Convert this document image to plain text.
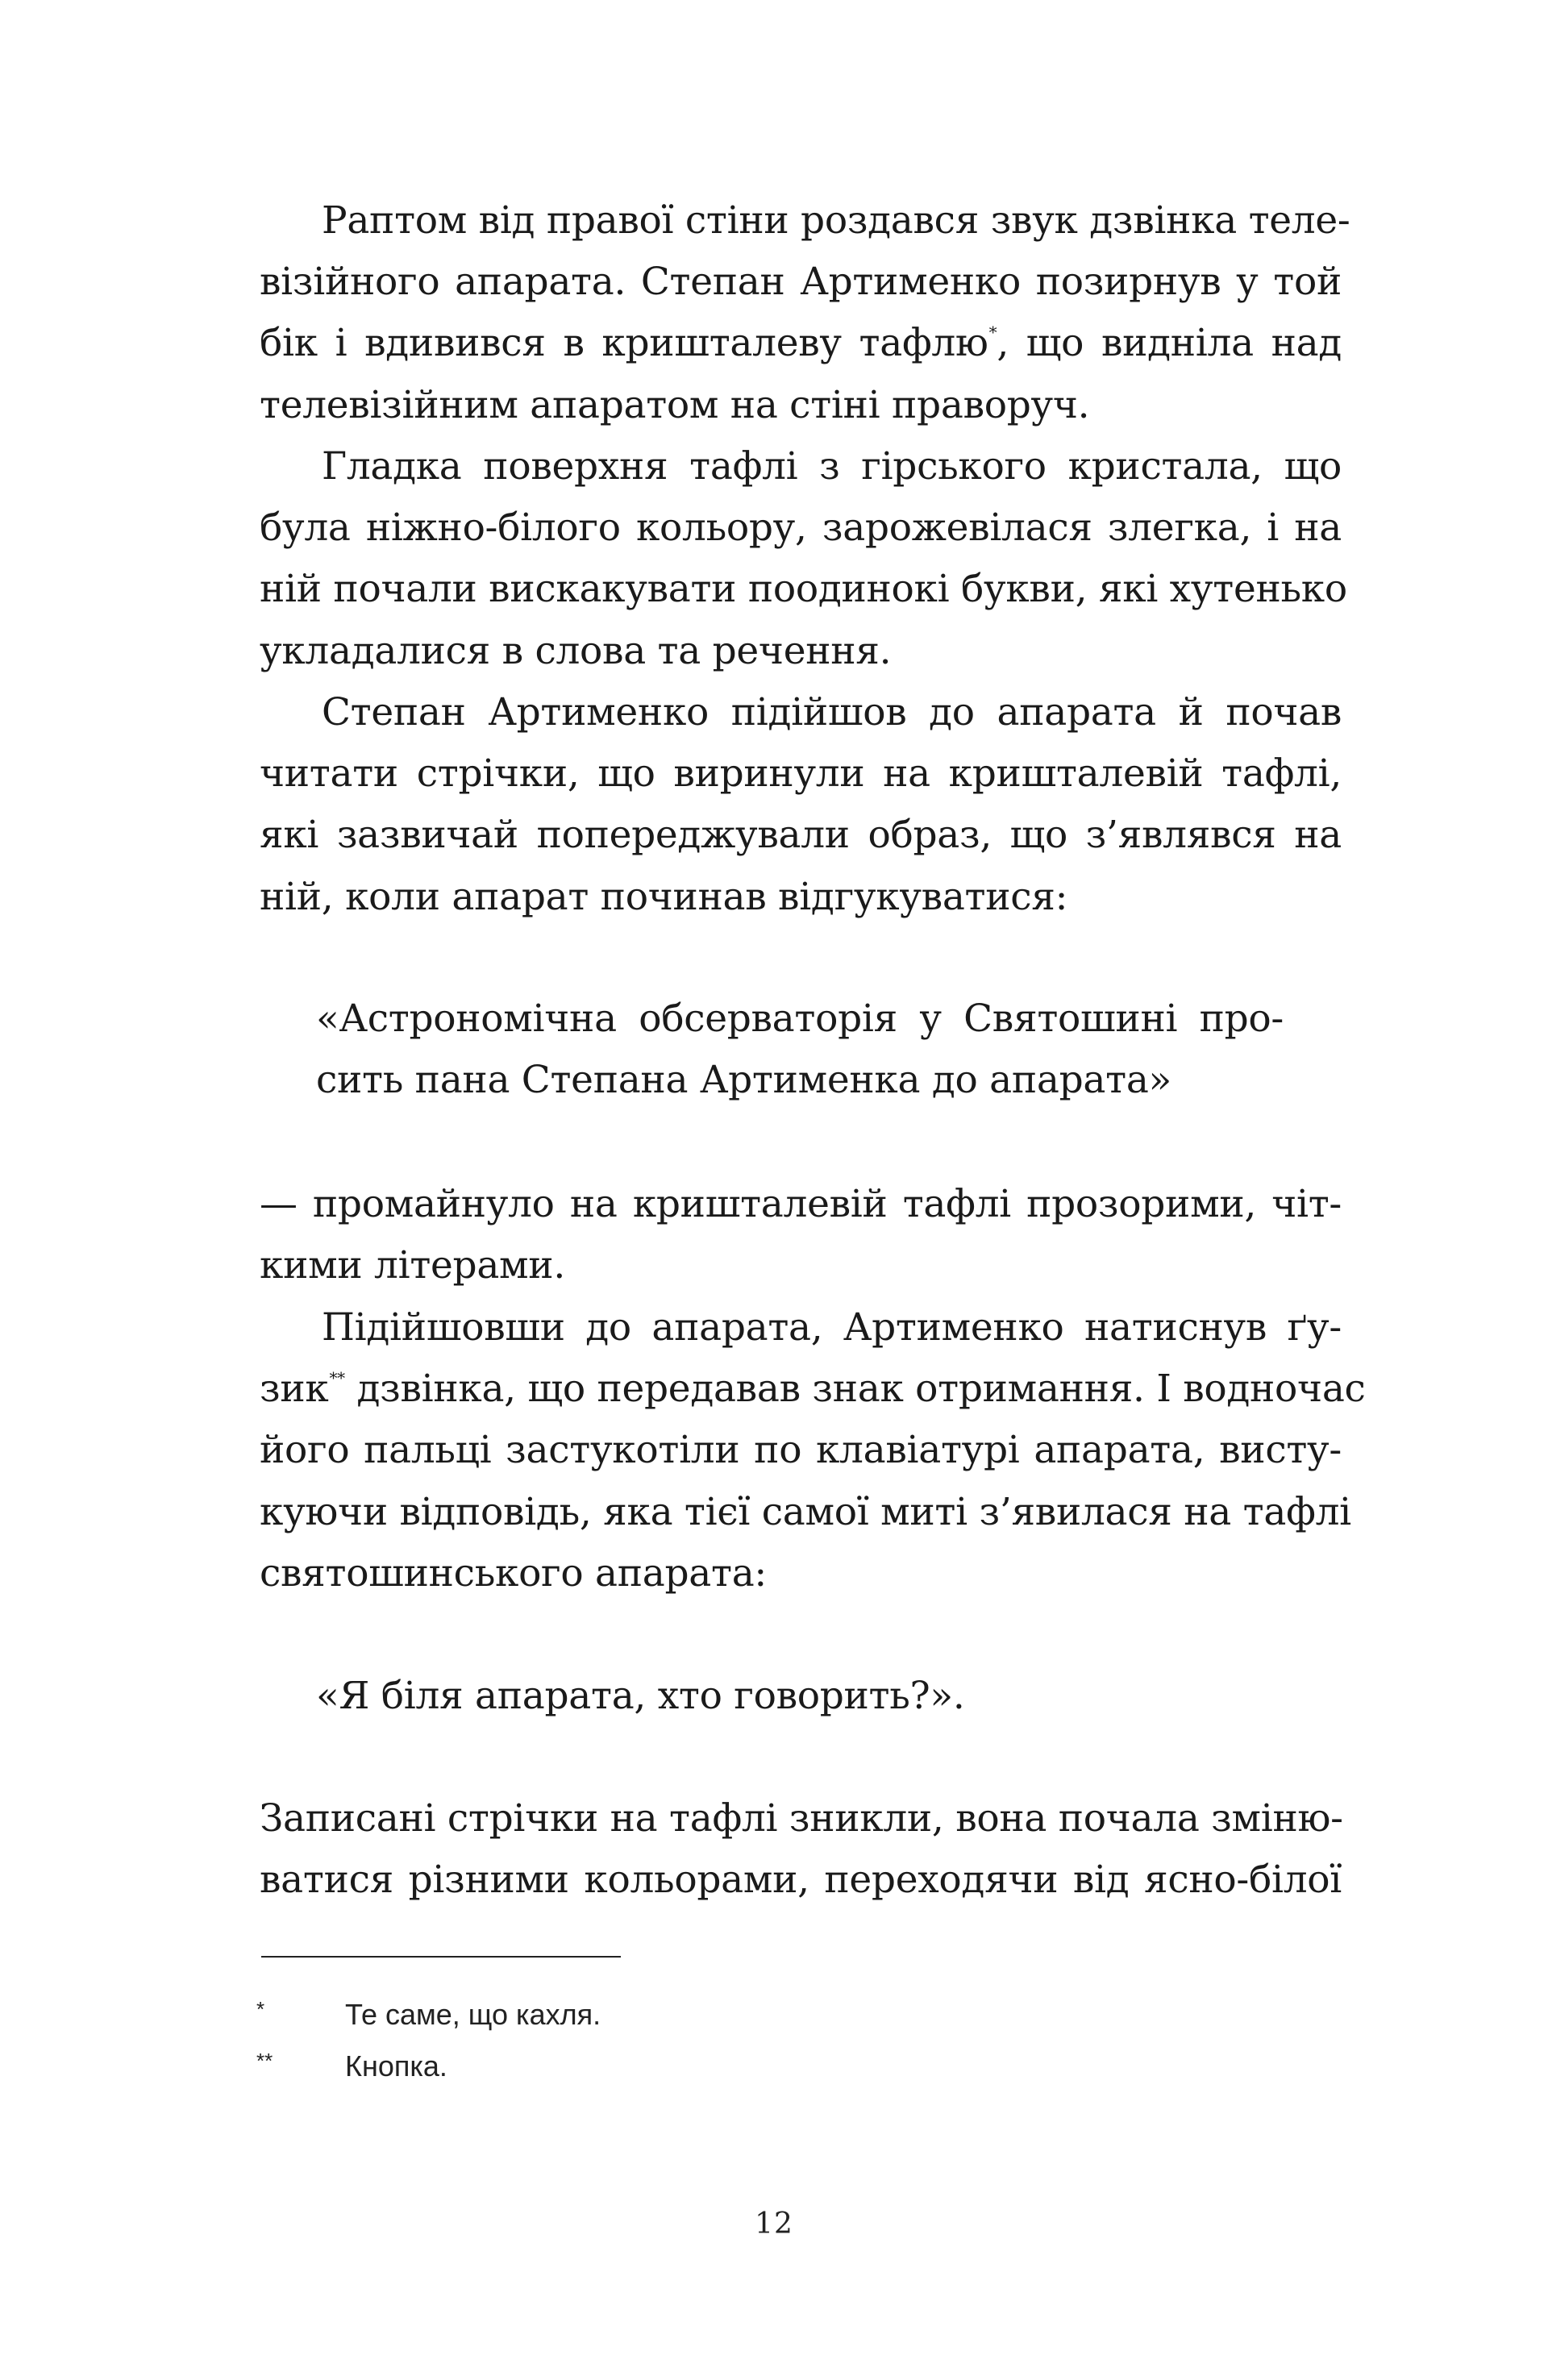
Раптом від правої стіни роздався звук дзвінка теле-
візійного апарата. Степан Артименко позирнув у той
бік і вдивився в кришталеву тафлю*, що виднiла над
телевізійним апаратом на стіні праворуч.
Гладка поверхня тафлі з гірського кристала, що
була ніжно-білого кольору, зарожевілася злегка, і на
ній почали вискакувати поодинокі букви, які хутенько
укладалися в слова та речення.
Степан Артименко підійшов до апарата й почав
читати стрічки, що виринули на кришталевій тафлі,
які зазвичай попереджували образ, що з’являвся на
ній, коли апарат починав відгукуватися:
«Астрономічна обсерваторія у Святошині про-
сить пана Степана Артименка до апарата»
— промайнуло на кришталевій тафлі прозорими, чіт-
кими літерами.
Підійшовши до апарата, Артименко натиснув ґу-
зик** дзвінка, що передавав знак отримання. І водночас
його пальці застукотіли по клавіатурі апарата, висту-
куючи відповідь, яка тієї самої миті з’явилася на тафлі
святошинського апарата:
«Я біля апарата, хто говорить?».
Записані стрічки на тафлі зникли, вона почала зміню-
ватися різними кольорами, переходячи від ясно-білої
*	Те саме, що кахля.
** Кнопка.
12
